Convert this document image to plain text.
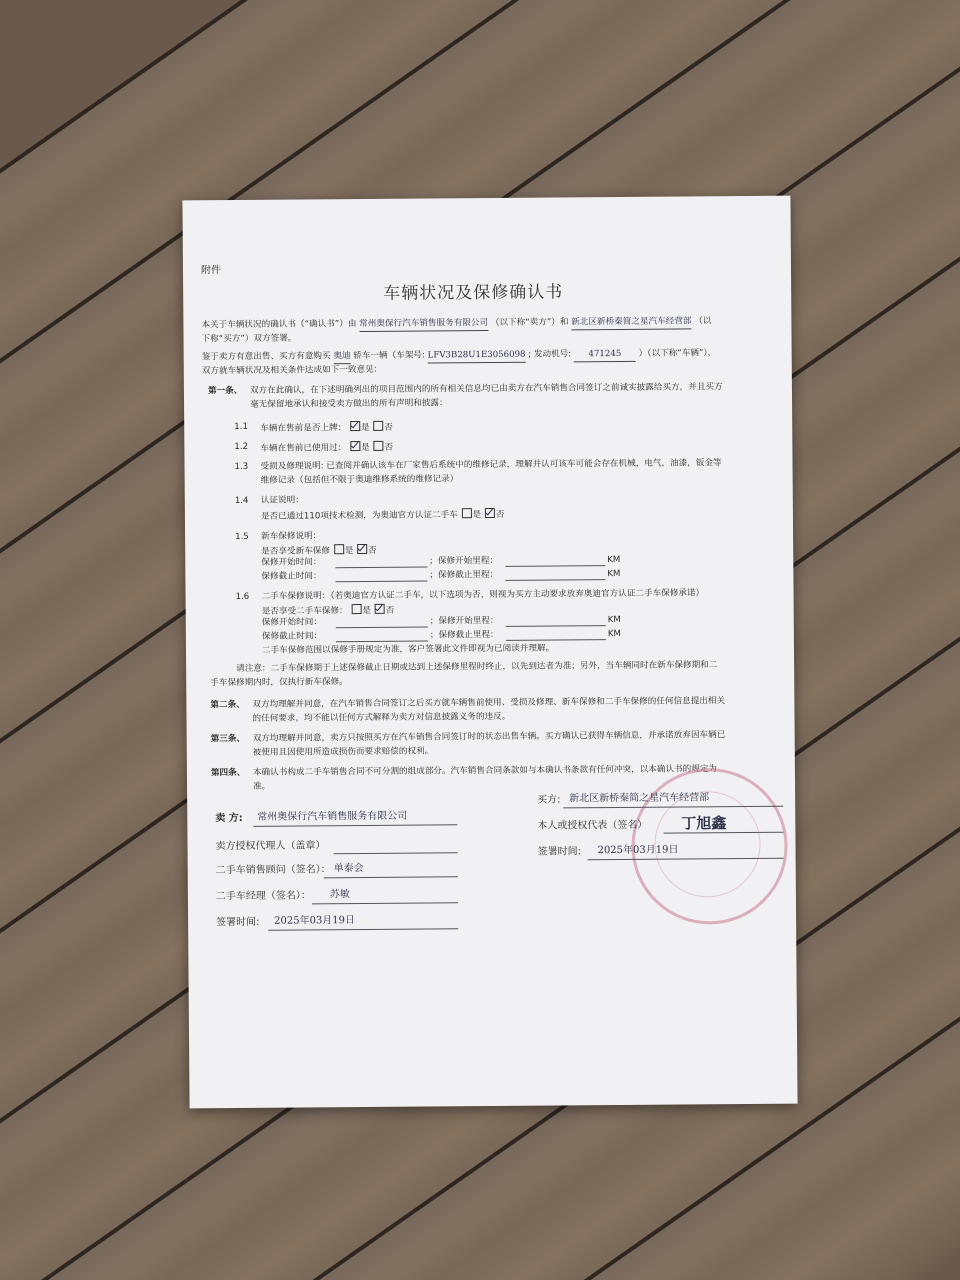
附件
车辆状况及保修确认书
本关于车辆状况的确认书（“确认书”）由 常州奥保行汽车销售服务有限公司 （以下称“卖方”）和 新北区新桥秦简之星汽车经营部 （以
下称“买方”）双方签署。
鉴于卖方有意出售、买方有意购买 奥迪 轿车一辆（车架号: LFV3B28U1E3056098 ; 发动机号: 471245 ）（以下称“车辆”），
双方就车辆状况及相关条件达成如下一致意见：
第一条、 双方在此确认，在下述明确列出的项目范围内的所有相关信息均已由卖方在汽车销售合同签订之前诚实披露给买方，并且买方
毫无保留地承认和接受卖方做出的所有声明和披露：
1.1 车辆在售前是否上牌： 是 否
1.2 车辆在售前已使用过： 是 否
1.3 受损及修理说明: 已查阅并确认该车在厂家售后系统中的维修记录，理解并认可该车可能会存在机械，电气，油漆，钣金等
维修记录（包括但不限于奥迪维修系统的维修记录）
1.4 认证说明：
是否已通过110项技术检测，为奥迪官方认证二手车 是 否
1.5 新车保修说明：
是否享受新车保修 是 否
保修开始时间：	；保修开始里程：	KM
保修截止时间：	；保修截止里程：	KM
1.6 二手车保修说明：（若奥迪官方认证二手车，以下选项为否，则视为买方主动要求放弃奥迪官方认证二手车保修承诺）
是否享受二手车保修： 是 否
保修开始时间：	；保修开始里程：	KM
保修截止时间：	；保修截止里程：	KM
二手车保修范围以保修手册规定为准，客户签署此文件即视为已阅读并理解。
请注意：二手车保修期于上述保修截止日期或达到上述保修里程时终止，以先到达者为准；另外，当车辆同时在新车保修期和二
手车保修期内时，仅执行新车保修。
第二条、 双方均理解并同意，在汽车销售合同签订之后买方就车辆售前使用、受损及修理、新车保修和二手车保修的任何信息提出相关
的任何要求，均不能以任何方式解释为卖方对信息披露义务的违反。
第三条、 双方均理解并同意，卖方只按照买方在汽车销售合同签订时的状态出售车辆。买方确认已获得车辆信息，并承诺放弃因车辆已
被使用且因使用所造成损伤而要求赔偿的权利。
第四条、 本确认书构成二手车销售合同不可分割的组成部分。汽车销售合同条款如与本确认书条款有任何冲突，以本确认书的规定为
准。
卖 方: 常州奥保行汽车销售服务有限公司
卖方授权代理人（盖章）
二手车销售顾问（签名）： 单泰会
二手车经理（签名）： 苏敏
签署时间: 2025年03月19日
买方: 新北区新桥秦简之星汽车经营部
本人或授权代表（签名） 丁旭鑫
签署时间: 2025年03月19日
